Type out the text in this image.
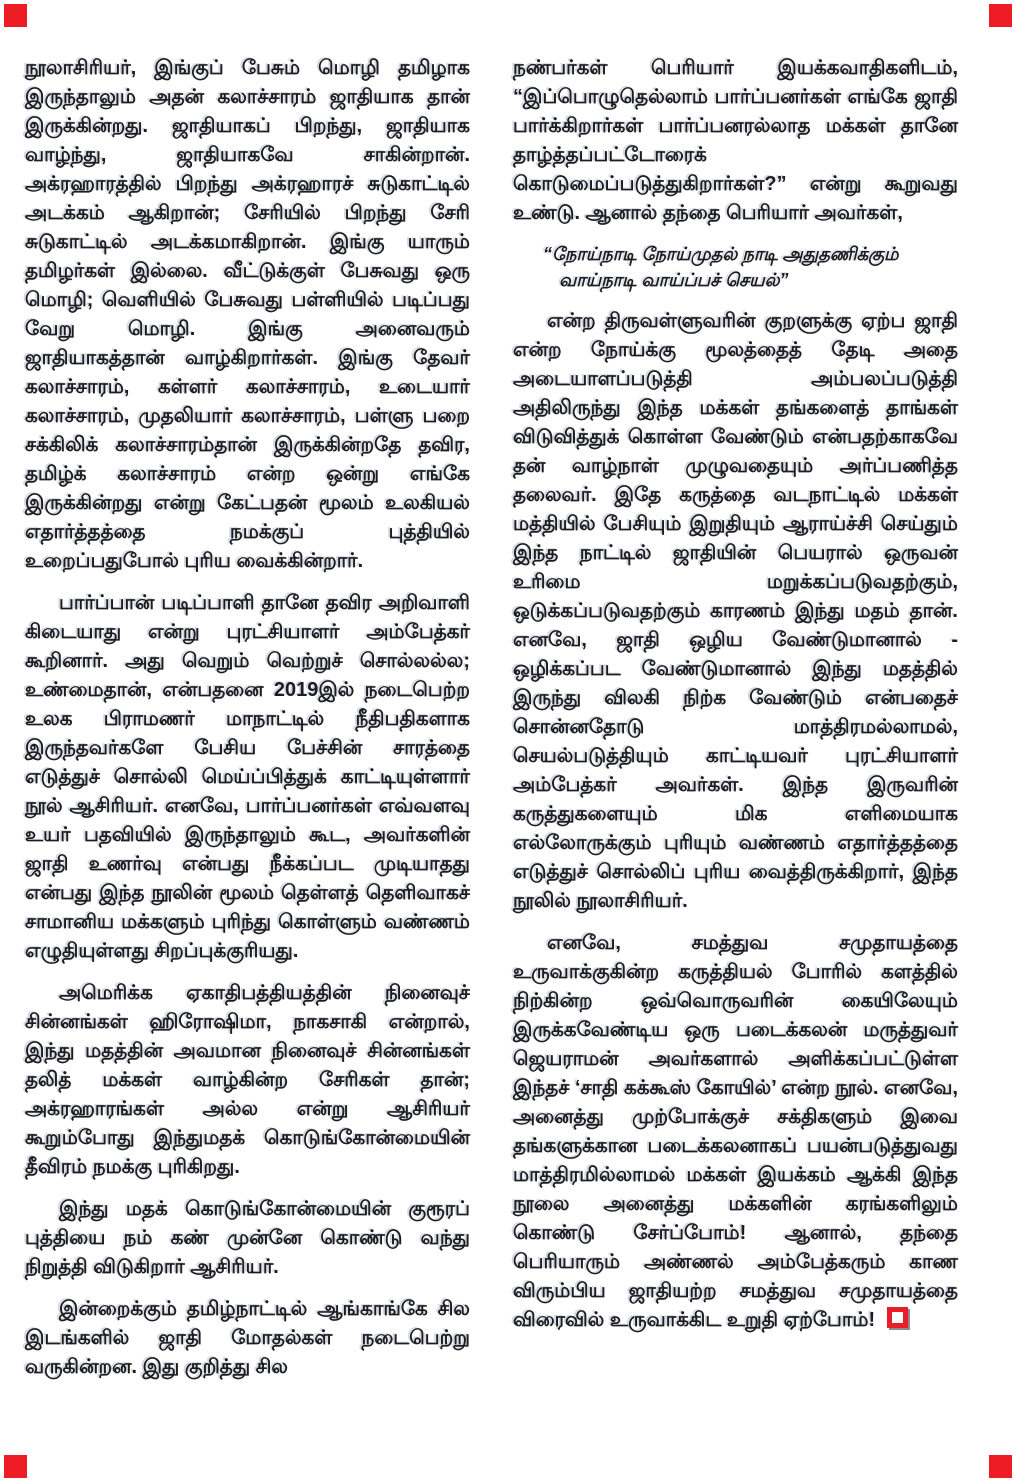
நூலாசிரியர், இங்குப் பேசும் மொழி தமிழாக இருந்தாலும் அதன் கலாச்சாரம் ஜாதியாக தான் இருக்கின்றது. ஜாதியாகப் பிறந்து, ஜாதியாக வாழ்ந்து, ஜாதியாகவே சாகின்றான். அக்ரஹாரத்தில் பிறந்து அக்ரஹாரச் சுடுகாட்டில் அடக்கம் ஆகிறான்; சேரியில் பிறந்து சேரி சுடுகாட்டில் அடக்கமாகிறான். இங்கு யாரும் தமிழர்கள் இல்லை. வீட்டுக்குள் பேசுவது ஒரு மொழி; வெளியில் பேசுவது பள்ளியில் படிப்பது வேறு மொழி. இங்கு அனைவரும் ஜாதியாகத்தான் வாழ்கிறார்கள். இங்கு தேவர் கலாச்சாரம், கள்ளர் கலாச்சாரம், உடையார் கலாச்சாரம், முதலியார் கலாச்சாரம், பள்ளு பறை சக்கிலிக் கலாச்சாரம்தான் இருக்கின்றதே தவிர, தமிழ்க் கலாச்சாரம் என்ற ஒன்று எங்கே இருக்கின்றது என்று கேட்பதன் மூலம் உலகியல் எதார்த்தத்தை நமக்குப் புத்தியில் உறைப்பதுபோல் புரிய வைக்கின்றார்.

பார்ப்பான் படிப்பாளி தானே தவிர அறிவாளி கிடையாது என்று புரட்சியாளர் அம்பேத்கர் கூறினார். அது வெறும் வெற்றுச் சொல்லல்ல; உண்மைதான், என்பதனை 2019இல் நடைபெற்ற உலக பிராமணர் மாநாட்டில் நீதிபதிகளாக இருந்தவர்களே பேசிய பேச்சின் சாரத்தை எடுத்துச் சொல்லி மெய்ப்பித்துக் காட்டியுள்ளார் நூல் ஆசிரியர். எனவே, பார்ப்பனர்கள் எவ்வளவு உயர் பதவியில் இருந்தாலும் கூட, அவர்களின் ஜாதி உணர்வு என்பது நீக்கப்பட முடியாதது என்பது இந்த நூலின் மூலம் தெள்ளத் தெளிவாகச் சாமானிய மக்களும் புரிந்து கொள்ளும் வண்ணம் எழுதியுள்ளது சிறப்புக்குரியது.

அமெரிக்க ஏகாதிபத்தியத்தின் நினைவுச் சின்னங்கள் ஹிரோஷிமா, நாகசாகி என்றால், இந்து மதத்தின் அவமான நினைவுச் சின்னங்கள் தலித் மக்கள் வாழ்கின்ற சேரிகள் தான்; அக்ரஹாரங்கள் அல்ல என்று ஆசிரியர் கூறும்போது இந்துமதக் கொடுங்கோன்மையின் தீவிரம் நமக்கு புரிகிறது.

இந்து மதக் கொடுங்கோன்மையின் குரூரப் புத்தியை நம் கண் முன்னே கொண்டு வந்து நிறுத்தி விடுகிறார் ஆசிரியர்.

இன்றைக்கும் தமிழ்நாட்டில் ஆங்காங்கே சில இடங்களில் ஜாதி மோதல்கள் நடைபெற்று வருகின்றன. இது குறித்து சில

நண்பர்கள் பெரியார் இயக்கவாதிகளிடம், “இப்பொழுதெல்லாம் பார்ப்பனர்கள் எங்கே ஜாதி பார்க்கிறார்கள் பார்ப்பனரல்லாத மக்கள் தானே தாழ்த்தப்பட்டோரைக் கொடுமைப்படுத்துகிறார்கள்?” என்று கூறுவது உண்டு. ஆனால் தந்தை பெரியார் அவர்கள்,

“நோய்நாடி நோய்முதல் நாடி அதுதணிக்கும்
வாய்நாடி வாய்ப்பச் செயல்”

என்ற திருவள்ளுவரின் குறளுக்கு ஏற்ப ஜாதி என்ற நோய்க்கு மூலத்தைத் தேடி அதை அடையாளப்படுத்தி அம்பலப்படுத்தி அதிலிருந்து இந்த மக்கள் தங்களைத் தாங்கள் விடுவித்துக் கொள்ள வேண்டும் என்பதற்காகவே தன் வாழ்நாள் முழுவதையும் அர்ப்பணித்த தலைவர். இதே கருத்தை வடநாட்டில் மக்கள் மத்தியில் பேசியும் இறுதியும் ஆராய்ச்சி செய்தும் இந்த நாட்டில் ஜாதியின் பெயரால் ஒருவன் உரிமை மறுக்கப்படுவதற்கும், ஒடுக்கப்படுவதற்கும் காரணம் இந்து மதம் தான். எனவே, ஜாதி ஒழிய வேண்டுமானால் - ஒழிக்கப்பட வேண்டுமானால் இந்து மதத்தில் இருந்து விலகி நிற்க வேண்டும் என்பதைச் சொன்னதோடு மாத்திரமல்லாமல், செயல்படுத்தியும் காட்டியவர் புரட்சியாளர் அம்பேத்கர் அவர்கள். இந்த இருவரின் கருத்துகளையும் மிக எளிமையாக எல்லோருக்கும் புரியும் வண்ணம் எதார்த்தத்தை எடுத்துச் சொல்லிப் புரிய வைத்திருக்கிறார், இந்த நூலில் நூலாசிரியர்.

எனவே, சமத்துவ சமுதாயத்தை உருவாக்குகின்ற கருத்தியல் போரில் களத்தில் நிற்கின்ற ஒவ்வொருவரின் கையிலேயும் இருக்கவேண்டிய ஒரு படைக்கலன் மருத்துவர் ஜெயராமன் அவர்களால் அளிக்கப்பட்டுள்ள இந்தச் ‘சாதி கக்கூஸ் கோயில்’ என்ற நூல். எனவே, அனைத்து முற்போக்குச் சக்திகளும் இவை தங்களுக்கான படைக்கலனாகப் பயன்படுத்துவது மாத்திரமில்லாமல் மக்கள் இயக்கம் ஆக்கி இந்த நூலை அனைத்து மக்களின் கரங்களிலும் கொண்டு சேர்ப்போம்! ஆனால், தந்தை பெரியாரும் அண்ணல் அம்பேத்கரும் காண விரும்பிய ஜாதியற்ற சமத்துவ சமுதாயத்தை விரைவில் உருவாக்கிட உறுதி ஏற்போம்!
